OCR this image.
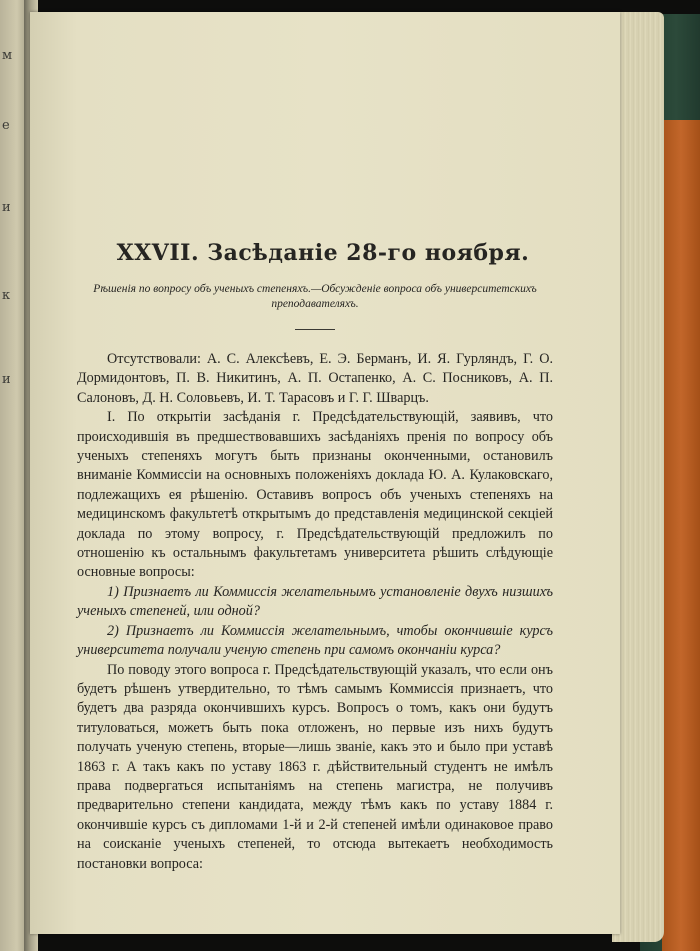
м
е
и
к
и
XXVII. Засѣданіе 28-го ноября.

Рѣшенія по вопросу объ ученыхъ степеняхъ.—Обсужденіе вопроса объ университетскихъ преподавателяхъ.

Отсутствовали: А. С. Алексѣевъ, Е. Э. Берманъ, И. Я. Гурляндъ, Г. О. Дормидонтовъ, П. В. Никитинъ, А. П. Остапенко, А. С. Посниковъ, А. П. Салоновъ, Д. Н. Соловьевъ, И. Т. Тарасовъ и Г. Г. Шварцъ.

I. По открытіи засѣданія г. Предсѣдательствующій, заявивъ, что происходившія въ предшествовавшихъ засѣданіяхъ пренія по вопросу объ ученыхъ степеняхъ могутъ быть признаны оконченными, остановилъ вниманіе Коммиссіи на основныхъ положеніяхъ доклада Ю. А. Кулаковскаго, подлежащихъ ея рѣшенію. Оставивъ вопросъ объ ученыхъ степеняхъ на медицинскомъ факультетѣ открытымъ до представленія медицинской секціей доклада по этому вопросу, г. Предсѣдательствующій предложилъ по отношенію къ остальнымъ факультетамъ университета рѣшить слѣдующіе основные вопросы:

1) Признаетъ ли Коммиссія желательнымъ установленіе двухъ низшихъ ученыхъ степеней, или одной?

2) Признаетъ ли Коммиссія желательнымъ, чтобы окончившіе курсъ университета получали ученую степень при самомъ окончаніи курса?

По поводу этого вопроса г. Предсѣдательствующій указалъ, что если онъ будетъ рѣшенъ утвердительно, то тѣмъ самымъ Коммиссія признаетъ, что будетъ два разряда окончившихъ курсъ. Вопросъ о томъ, какъ они будутъ титуловаться, можетъ быть пока отложенъ, но первые изъ нихъ будутъ получать ученую степень, вторые—лишь званіе, какъ это и было при уставѣ 1863 г. А такъ какъ по уставу 1863 г. дѣйствительный студентъ не имѣлъ права подвергаться испытаніямъ на степень магистра, не получивъ предварительно степени кандидата, между тѣмъ какъ по уставу 1884 г. окончившіе курсъ съ дипломами 1-й и 2-й степеней имѣли одинаковое право на соисканіе ученыхъ степеней, то отсюда вытекаетъ необходимость постановки вопроса:
